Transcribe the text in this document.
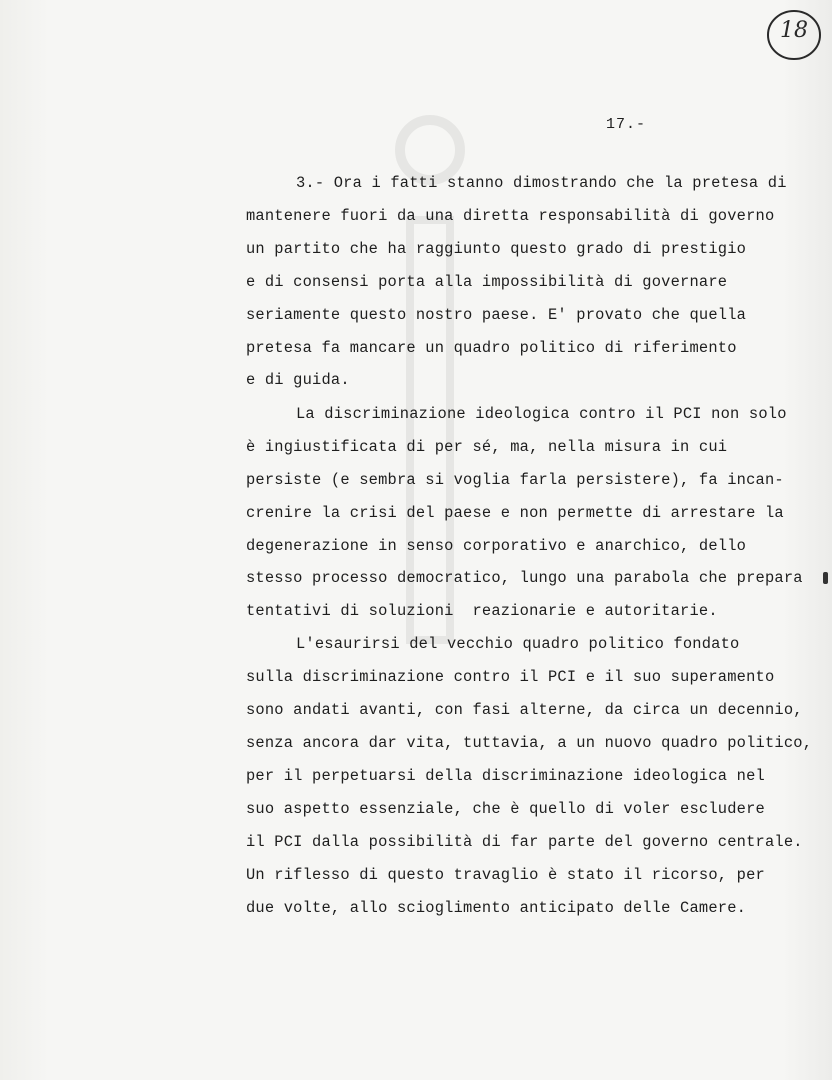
18
17.-
3.- Ora i fatti stanno dimostrando che la pretesa di
mantenere fuori da una diretta responsabilità di governo
un partito che ha raggiunto questo grado di prestigio
e di consensi porta alla impossibilità di governare
seriamente questo nostro paese. E' provato che quella
pretesa fa mancare un quadro politico di riferimento
e di guida.
La discriminazione ideologica contro il PCI non solo
è ingiustificata di per sé, ma, nella misura in cui
persiste (e sembra si voglia farla persistere), fa incan-
crenire la crisi del paese e non permette di arrestare la
degenerazione in senso corporativo e anarchico, dello
stesso processo democratico, lungo una parabola che prepara
tentativi di soluzioni  reazionarie e autoritarie.
L'esaurirsi del vecchio quadro politico fondato
sulla discriminazione contro il PCI e il suo superamento
sono andati avanti, con fasi alterne, da circa un decennio,
senza ancora dar vita, tuttavia, a un nuovo quadro politico,
per il perpetuarsi della discriminazione ideologica nel
suo aspetto essenziale, che è quello di voler escludere
il PCI dalla possibilità di far parte del governo centrale.
Un riflesso di questo travaglio è stato il ricorso, per
due volte, allo scioglimento anticipato delle Camere.
